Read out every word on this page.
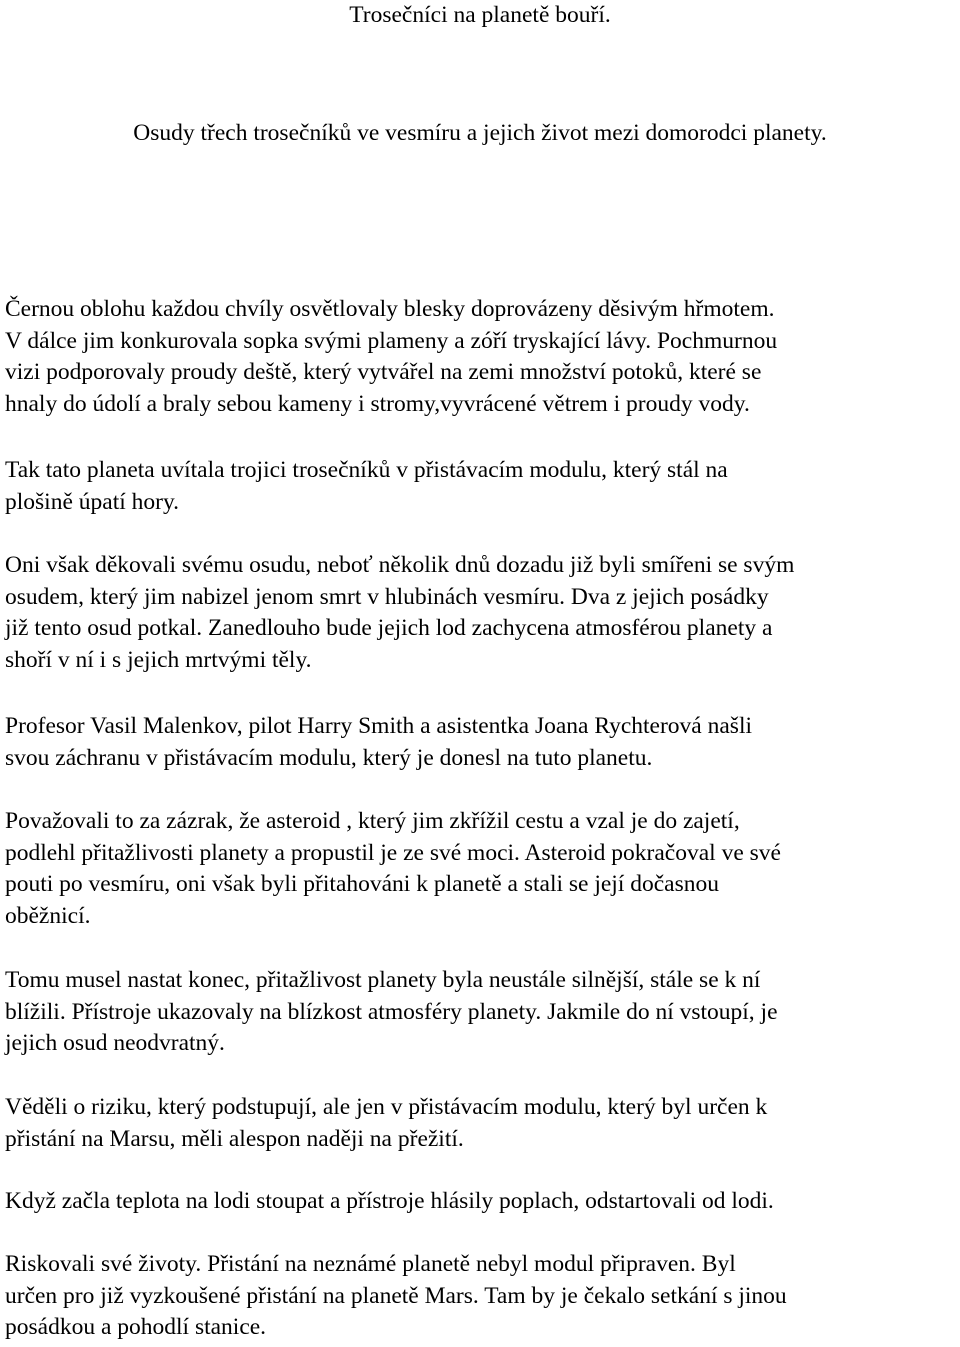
Trosečníci na planetě bouří.
Osudy třech trosečníků ve vesmíru a jejich život mezi domorodci planety.

Černou oblohu každou chvíly osvětlovaly blesky doprovázeny děsivým hřmotem.
V dálce jim konkurovala sopka svými plameny a zóří tryskající lávy. Pochmurnou
vizi podporovaly proudy deště, který vytvářel na zemi množství potoků, které se
hnaly do údolí a braly sebou kameny i stromy,vyvrácené větrem i proudy vody.

Tak tato planeta uvítala trojici trosečníků v přistávacím modulu, který stál na
plošině úpatí hory.

Oni však děkovali svému osudu, neboť několik dnů dozadu již byli smířeni se svým
osudem, který jim nabizel jenom smrt v hlubinách vesmíru. Dva z jejich posádky
již tento osud potkal. Zanedlouho bude jejich lod zachycena atmosférou planety a
shoří v ní i s jejich mrtvými těly.

Profesor Vasil Malenkov, pilot Harry Smith a asistentka Joana Rychterová našli
svou záchranu v přistávacím modulu, který je donesl na tuto planetu.

Považovali to za zázrak, že asteroid , který jim zkřížil cestu a vzal je do zajetí,
podlehl přitažlivosti planety a propustil je ze své moci. Asteroid pokračoval ve své
pouti po vesmíru, oni však byli přitahováni k planetě a stali se její dočasnou
oběžnicí.

Tomu musel nastat konec, přitažlivost planety byla neustále silnější, stále se k ní
blížili. Přístroje ukazovaly na blízkost atmosféry planety. Jakmile do ní vstoupí, je
jejich osud neodvratný.

Věděli o riziku, který podstupují, ale jen v přistávacím modulu, který byl určen k
přistání na Marsu, měli alespon naději na přežití.

Když začla teplota na lodi stoupat a přístroje hlásily poplach, odstartovali od lodi.

Riskovali své životy. Přistání na neznámé planetě nebyl modul připraven. Byl
určen pro již vyzkoušené přistání na planetě Mars. Tam by je čekalo setkání s jinou
posádkou a pohodlí stanice.
